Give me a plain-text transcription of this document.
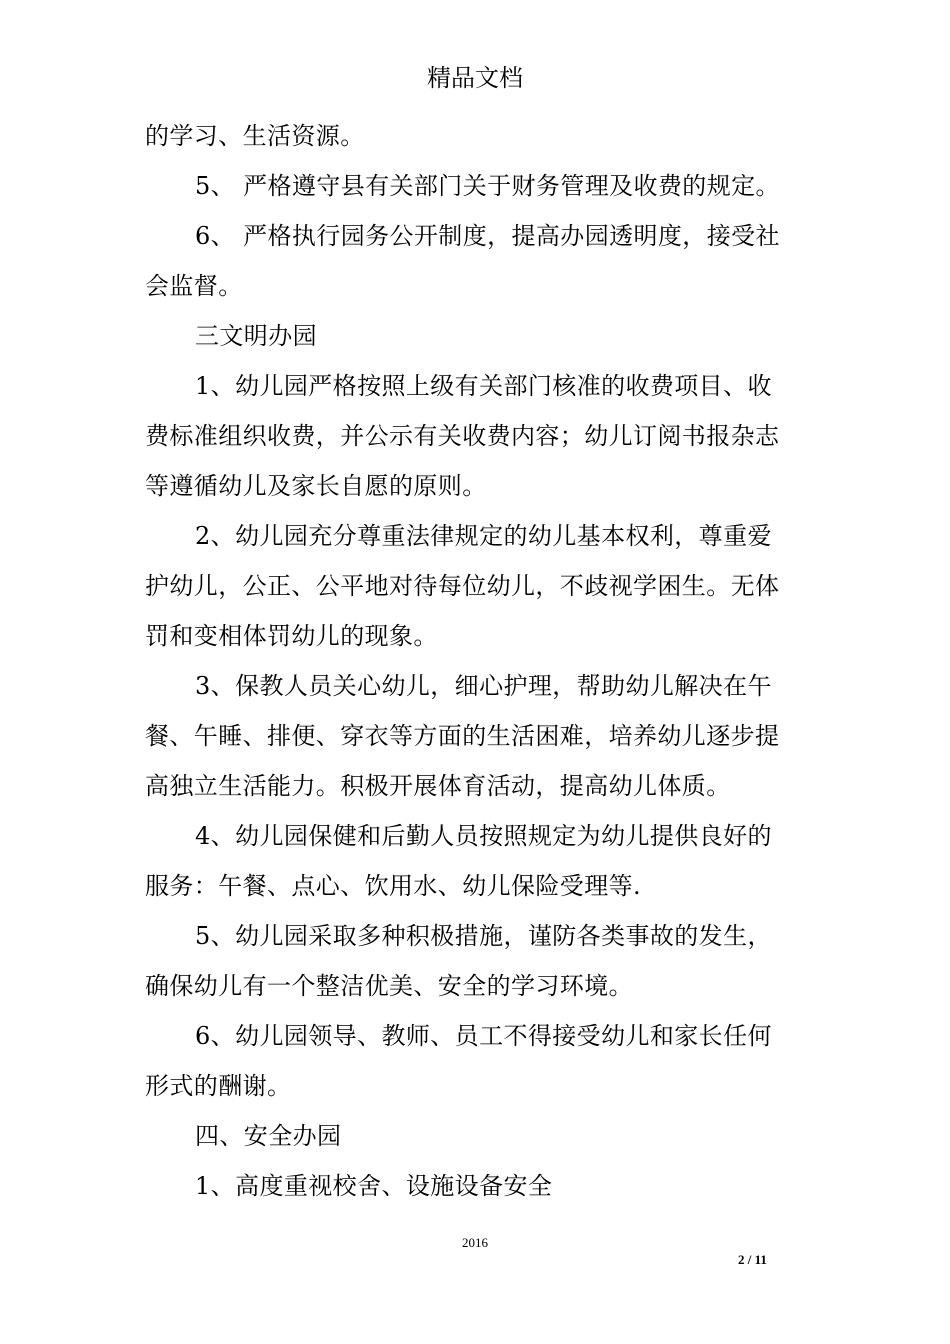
精品文档
的学习、生活资源。
5、 严格遵守县有关部门关于财务管理及收费的规定。
6、 严格执行园务公开制度，提高办园透明度，接受社
会监督。
三文明办园
1、幼儿园严格按照上级有关部门核准的收费项目、收
费标准组织收费，并公示有关收费内容；幼儿订阅书报杂志
等遵循幼儿及家长自愿的原则。
2、幼儿园充分尊重法律规定的幼儿基本权利，尊重爱
护幼儿，公正、公平地对待每位幼儿，不歧视学困生。无体
罚和变相体罚幼儿的现象。
3、保教人员关心幼儿，细心护理，帮助幼儿解决在午
餐、午睡、排便、穿衣等方面的生活困难，培养幼儿逐步提
高独立生活能力。积极开展体育活动，提高幼儿体质。
4、幼儿园保健和后勤人员按照规定为幼儿提供良好的
服务：午餐、点心、饮用水、幼儿保险受理等.
5、幼儿园采取多种积极措施，谨防各类事故的发生，
确保幼儿有一个整洁优美、安全的学习环境。
6、幼儿园领导、教师、员工不得接受幼儿和家长任何
形式的酬谢。
四、安全办园
1、高度重视校舍、设施设备安全
2016
2 / 11
